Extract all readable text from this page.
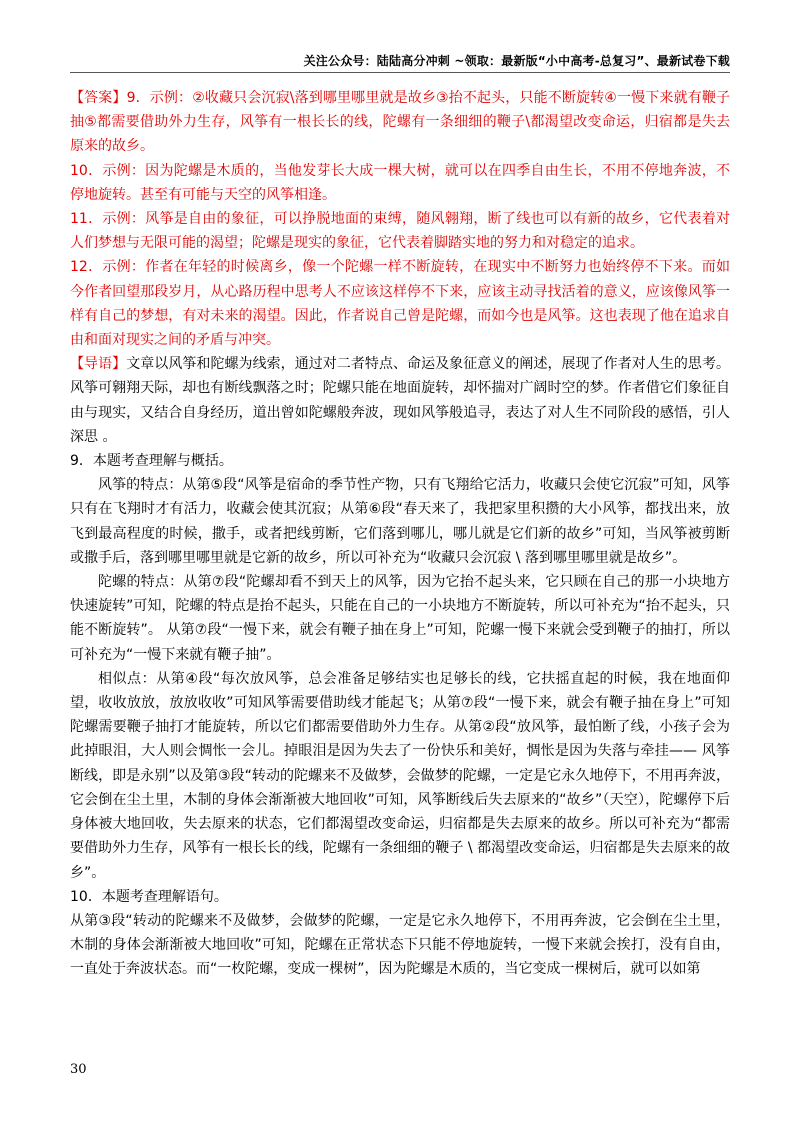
关注公众号：陆陆高分冲刺 ~领取：最新版“小中高考-总复习”、最新试卷下载

【答案】9．示例：②收藏只会沉寂\落到哪里哪里就是故乡③抬不起头，只能不断旋转④一慢下来就有鞭子抽⑤都需要借助外力生存，风筝有一根长长的线，陀螺有一条细细的鞭子\都渴望改变命运，归宿都是失去原来的故乡。

10．示例：因为陀螺是木质的，当他发芽长大成一棵大树，就可以在四季自由生长，不用不停地奔波，不停地旋转。甚至有可能与天空的风筝相逢。

11．示例：风筝是自由的象征，可以挣脱地面的束缚，随风翱翔，断了线也可以有新的故乡，它代表着对人们梦想与无限可能的渴望；陀螺是现实的象征，它代表着脚踏实地的努力和对稳定的追求。

12．示例：作者在年轻的时候离乡，像一个陀螺一样不断旋转，在现实中不断努力也始终停不下来。而如今作者回望那段岁月，从心路历程中思考人不应该这样停不下来，应该主动寻找活着的意义，应该像风筝一样有自己的梦想，有对未来的渴望。因此，作者说自己曾是陀螺，而如今也是风筝。这也表现了他在追求自由和面对现实之间的矛盾与冲突。

【导语】文章以风筝和陀螺为线索，通过对二者特点、命运及象征意义的阐述，展现了作者对人生的思考。风筝可翱翔天际，却也有断线飘落之时；陀螺只能在地面旋转，却怀揣对广阔时空的梦。作者借它们象征自由与现实，又结合自身经历，道出曾如陀螺般奔波，现如风筝般追寻，表达了对人生不同阶段的感悟，引人深思 。

9．本题考查理解与概括。

风筝的特点：从第⑤段“风筝是宿命的季节性产物，只有飞翔给它活力，收藏只会使它沉寂”可知，风筝只有在飞翔时才有活力，收藏会使其沉寂；从第⑥段“春天来了，我把家里积攒的大小风筝，都找出来，放飞到最高程度的时候，撒手，或者把线剪断，它们落到哪儿，哪儿就是它们新的故乡”可知，当风筝被剪断或撒手后，落到哪里哪里就是它新的故乡，所以可补充为“收藏只会沉寂 \ 落到哪里哪里就是故乡”。

陀螺的特点：从第⑦段“陀螺却看不到天上的风筝，因为它抬不起头来，它只顾在自己的那一小块地方快速旋转”可知，陀螺的特点是抬不起头，只能在自己的一小块地方不断旋转，所以可补充为“抬不起头，只能不断旋转”。 从第⑦段“一慢下来，就会有鞭子抽在身上”可知，陀螺一慢下来就会受到鞭子的抽打，所以可补充为“一慢下来就有鞭子抽”。

相似点：从第④段“每次放风筝，总会准备足够结实也足够长的线，它扶摇直起的时候，我在地面仰望，收收放放，放放收收”可知风筝需要借助线才能起飞；从第⑦段“一慢下来，就会有鞭子抽在身上”可知陀螺需要鞭子抽打才能旋转，所以它们都需要借助外力生存。从第②段“放风筝，最怕断了线，小孩子会为此掉眼泪，大人则会惆怅一会儿。掉眼泪是因为失去了一份快乐和美好，惆怅是因为失落与牵挂—— 风筝断线，即是永别”以及第③段“转动的陀螺来不及做梦，会做梦的陀螺，一定是它永久地停下，不用再奔波，它会倒在尘土里，木制的身体会渐渐被大地回收”可知，风筝断线后失去原来的“故乡”（天空），陀螺停下后身体被大地回收，失去原来的状态，它们都渴望改变命运，归宿都是失去原来的故乡。所以可补充为“都需要借助外力生存，风筝有一根长长的线，陀螺有一条细细的鞭子 \ 都渴望改变命运，归宿都是失去原来的故乡”。

10．本题考查理解语句。

从第③段“转动的陀螺来不及做梦，会做梦的陀螺，一定是它永久地停下，不用再奔波，它会倒在尘土里，木制的身体会渐渐被大地回收”可知，陀螺在正常状态下只能不停地旋转，一慢下来就会挨打，没有自由，一直处于奔波状态。而“一枚陀螺，变成一棵树”，因为陀螺是木质的，当它变成一棵树后，就可以如第

30
